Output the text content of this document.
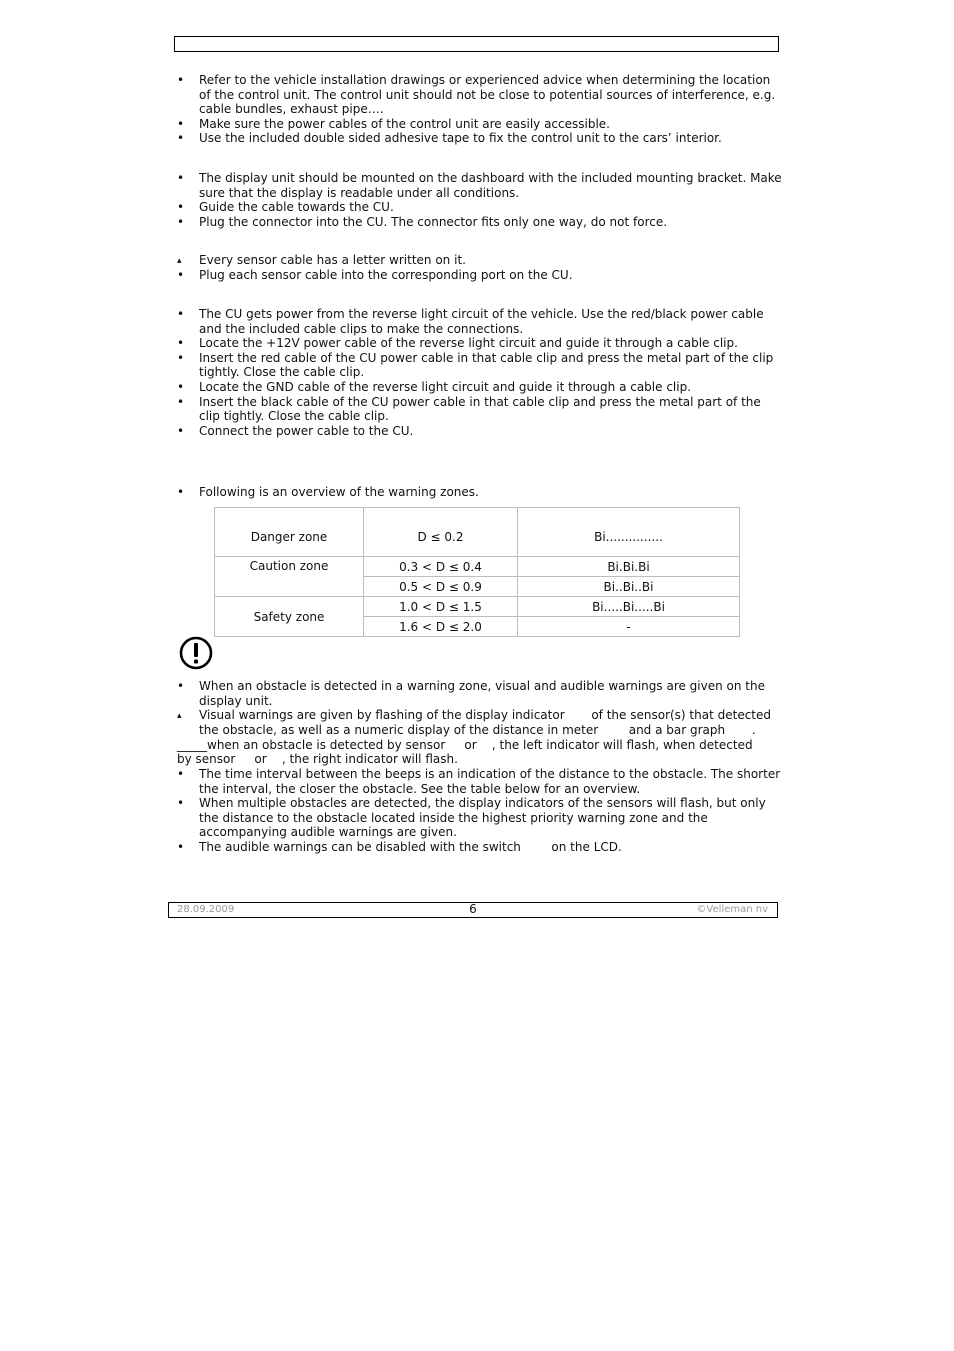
• Refer to the vehicle installation drawings or experienced advice when determining the location of the control unit. The control unit should not be close to potential sources of interference, e.g. cable bundles, exhaust pipe….
• Make sure the power cables of the control unit are easily accessible.
• Use the included double sided adhesive tape to fix the control unit to the cars’ interior.
• The display unit should be mounted on the dashboard with the included mounting bracket. Make sure that the display is readable under all conditions.
• Guide the cable towards the CU.
• Plug the connector into the CU. The connector fits only one way, do not force.
▴ Every sensor cable has a letter written on it.
• Plug each sensor cable into the corresponding port on the CU.
• The CU gets power from the reverse light circuit of the vehicle. Use the red/black power cable and the included cable clips to make the connections.
• Locate the +12V power cable of the reverse light circuit and guide it through a cable clip.
• Insert the red cable of the CU power cable in that cable clip and press the metal part of the clip tightly. Close the cable clip.
• Locate the GND cable of the reverse light circuit and guide it through a cable clip.
• Insert the black cable of the CU power cable in that cable clip and press the metal part of the clip tightly. Close the cable clip.
• Connect the power cable to the CU.
• Following is an overview of the warning zones.
Danger zone	D ≤ 0.2	Bi...............
Caution zone	0.3 < D ≤ 0.4	Bi.Bi.Bi
	0.5 < D ≤ 0.9	Bi..Bi..Bi
Safety zone	1.0 < D ≤ 1.5	Bi.....Bi.....Bi
	1.6 < D ≤ 2.0	-
• When an obstacle is detected in a warning zone, visual and audible warnings are given on the display unit.
▴ Visual warnings are given by flashing of the display indicator       of the sensor(s) that detected the obstacle, as well as a numeric display of the distance in meter        and a bar graph       .
_____when an obstacle is detected by sensor     or    , the left indicator will flash, when detected
by sensor     or    , the right indicator will flash.
• The time interval between the beeps is an indication of the distance to the obstacle. The shorter the interval, the closer the obstacle. See the table below for an overview.
• When multiple obstacles are detected, the display indicators of the sensors will flash, but only the distance to the obstacle located inside the highest priority warning zone and the accompanying audible warnings are given.
• The audible warnings can be disabled with the switch        on the LCD.
28.09.2009	6	©Velleman nv
